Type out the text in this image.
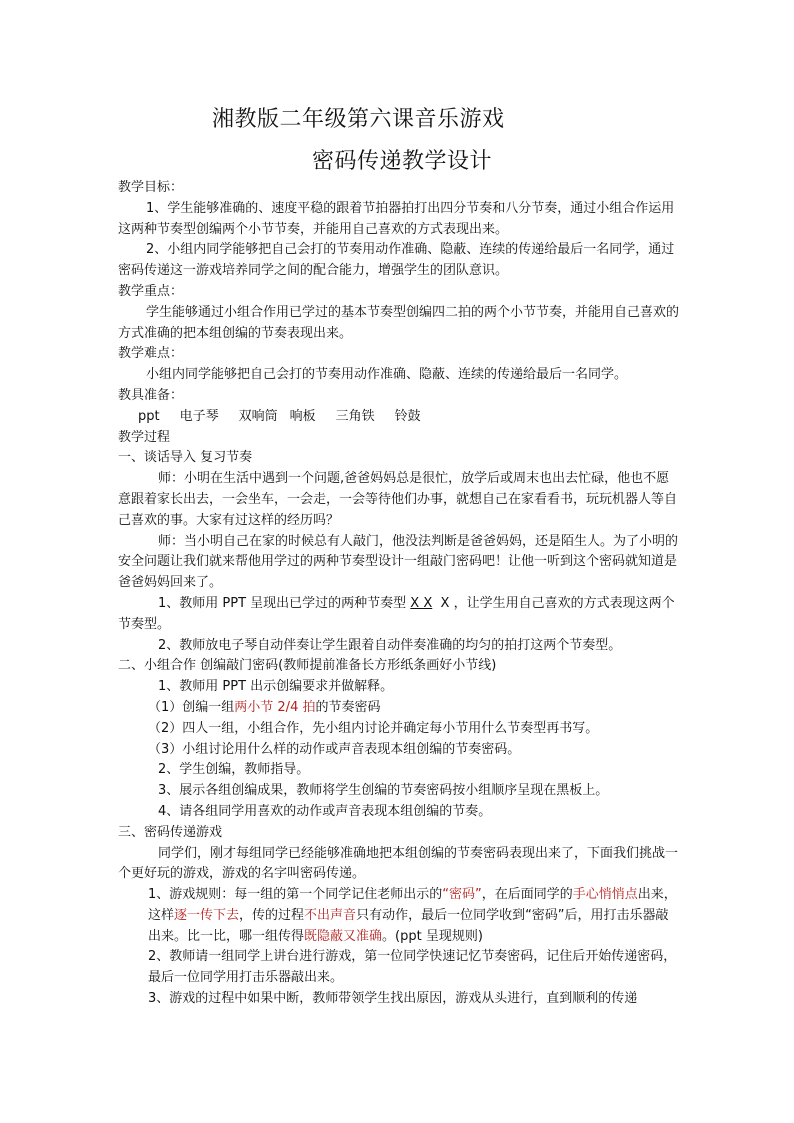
湘教版二年级第六课音乐游戏
密码传递教学设计

教学目标：

1、学生能够准确的、速度平稳的跟着节拍器拍打出四分节奏和八分节奏，通过小组合作运用这两种节奏型创编两个小节节奏，并能用自己喜欢的方式表现出来。

2、小组内同学能够把自己会打的节奏用动作准确、隐蔽、连续的传递给最后一名同学，通过密码传递这一游戏培养同学之间的配合能力，增强学生的团队意识。

教学重点：

学生能够通过小组合作用已学过的基本节奏型创编四二拍的两个小节节奏，并能用自己喜欢的方式准确的把本组创编的节奏表现出来。

教学难点：

小组内同学能够把自己会打的节奏用动作准确、隐蔽、连续的传递给最后一名同学。

教具准备：

ppt 电子琴 双响筒 响板 三角铁 铃鼓

教学过程

一、谈话导入 复习节奏

师：小明在生活中遇到一个问题,爸爸妈妈总是很忙，放学后或周末也出去忙碌，他也不愿意跟着家长出去，一会坐车，一会走，一会等待他们办事，就想自己在家看看书，玩玩机器人等自己喜欢的事。大家有过这样的经历吗？

师：当小明自己在家的时候总有人敲门，他没法判断是爸爸妈妈，还是陌生人。为了小明的安全问题让我们就来帮他用学过的两种节奏型设计一组敲门密码吧！让他一听到这个密码就知道是爸爸妈妈回来了。

1、教师用 PPT 呈现出已学过的两种节奏型 X X X ，让学生用自己喜欢的方式表现这两个节奏型。

2、教师放电子琴自动伴奏让学生跟着自动伴奏准确的均匀的拍打这两个节奏型。

二、小组合作 创编敲门密码(教师提前准备长方形纸条画好小节线)

1、教师用 PPT 出示创编要求并做解释。

（1）创编一组两小节 2/4 拍的节奏密码

（2）四人一组，小组合作，先小组内讨论并确定每小节用什么节奏型再书写。

（3）小组讨论用什么样的动作或声音表现本组创编的节奏密码。

2、学生创编，教师指导。

3、展示各组创编成果，教师将学生创编的节奏密码按小组顺序呈现在黑板上。

4、请各组同学用喜欢的动作或声音表现本组创编的节奏。

三、密码传递游戏

同学们，刚才每组同学已经能够准确地把本组创编的节奏密码表现出来了，下面我们挑战一个更好玩的游戏，游戏的名字叫密码传递。

1、游戏规则：每一组的第一个同学记住老师出示的“密码”，在后面同学的手心悄悄点出来，这样逐一传下去，传的过程不出声音只有动作，最后一位同学收到“密码”后，用打击乐器敲出来。比一比，哪一组传得既隐蔽又准确。(ppt 呈现规则)

2、教师请一组同学上讲台进行游戏，第一位同学快速记忆节奏密码，记住后开始传递密码，最后一位同学用打击乐器敲出来。

3、游戏的过程中如果中断，教师带领学生找出原因，游戏从头进行，直到顺利的传递
